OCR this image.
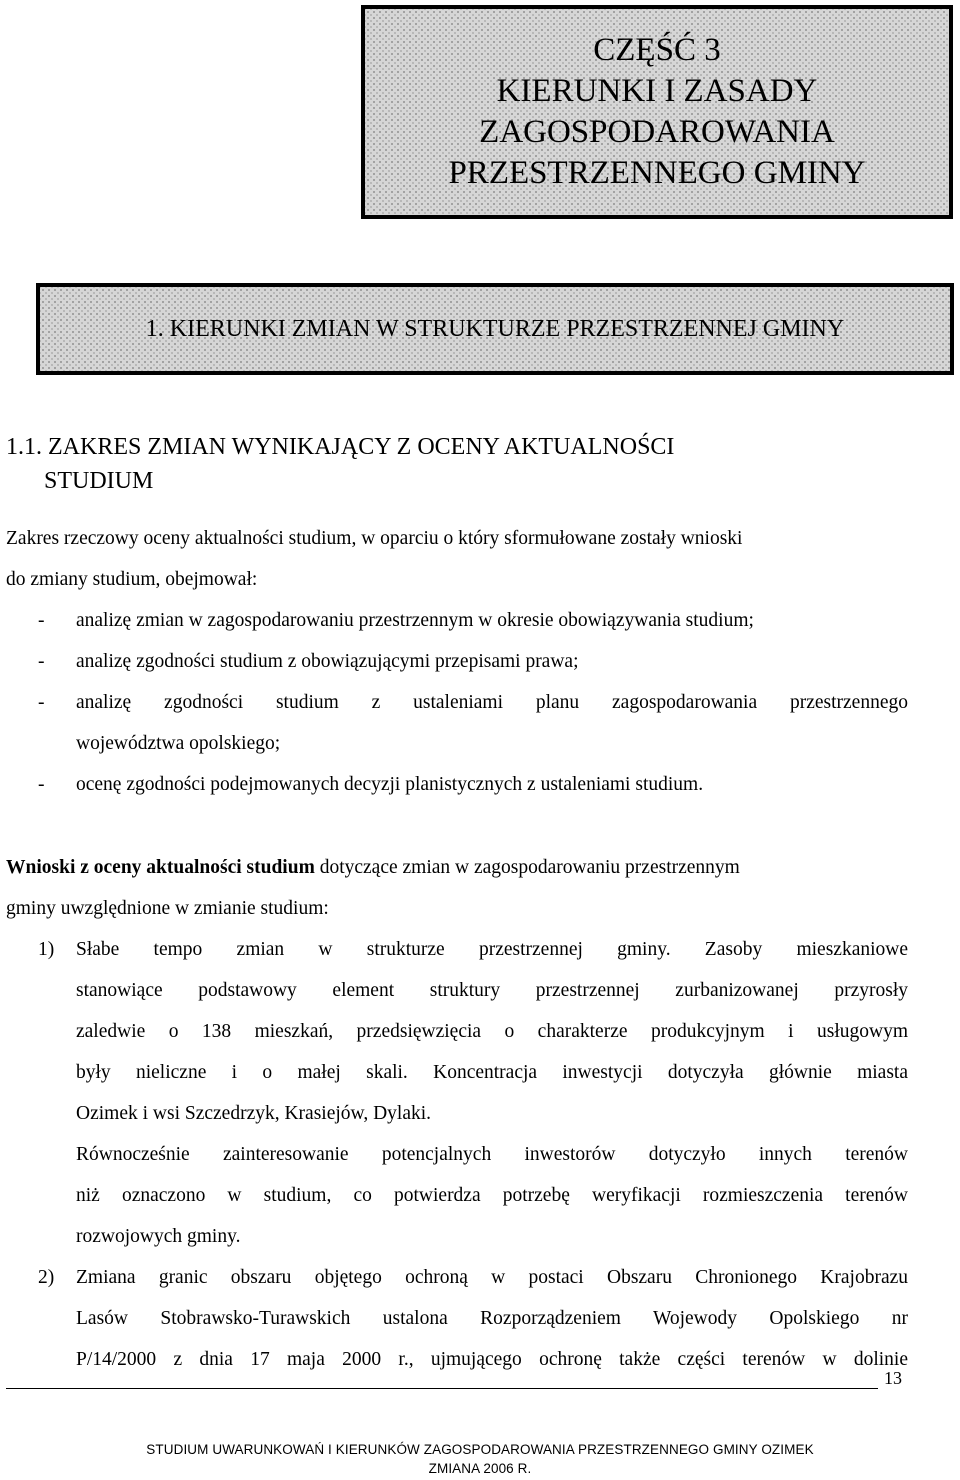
CZĘŚĆ 3
KIERUNKI I ZASADY
ZAGOSPODAROWANIA
PRZESTRZENNEGO GMINY
1. KIERUNKI ZMIAN W STRUKTURZE PRZESTRZENNEJ GMINY
1.1. ZAKRES ZMIAN WYNIKAJĄCY Z OCENY AKTUALNOŚCI
STUDIUM
Zakres rzeczowy oceny aktualności studium, w oparciu o który sformułowane zostały wnioski
do zmiany studium, obejmował:
- analizę zmian w zagospodarowaniu przestrzennym w okresie obowiązywania studium;
- analizę zgodności studium z obowiązującymi przepisami prawa;
- analizę zgodności studium z ustaleniami planu zagospodarowania przestrzennego
województwa opolskiego;
- ocenę zgodności podejmowanych decyzji planistycznych z ustaleniami studium.
Wnioski z oceny aktualności studium dotyczące zmian w zagospodarowaniu przestrzennym
gminy uwzględnione w zmianie studium:
1) Słabe tempo zmian w strukturze przestrzennej gminy. Zasoby mieszkaniowe
stanowiące podstawowy element struktury przestrzennej zurbanizowanej przyrosły
zaledwie o 138 mieszkań, przedsięwzięcia o charakterze produkcyjnym i usługowym
były nieliczne i o małej skali. Koncentracja inwestycji dotyczyła głównie miasta
Ozimek i wsi Szczedrzyk, Krasiejów, Dylaki.
Równocześnie zainteresowanie potencjalnych inwestorów dotyczyło innych terenów
niż oznaczono w studium, co potwierdza potrzebę weryfikacji rozmieszczenia terenów
rozwojowych gminy.
2) Zmiana granic obszaru objętego ochroną w postaci Obszaru Chronionego Krajobrazu
Lasów Stobrawsko-Turawskich ustalona Rozporządzeniem Wojewody Opolskiego nr
P/14/2000 z dnia 17 maja 2000 r., ujmującego ochronę także części terenów w dolinie
13
STUDIUM UWARUNKOWAŃ I KIERUNKÓW ZAGOSPODAROWANIA PRZESTRZENNEGO GMINY OZIMEK
ZMIANA 2006 R.
